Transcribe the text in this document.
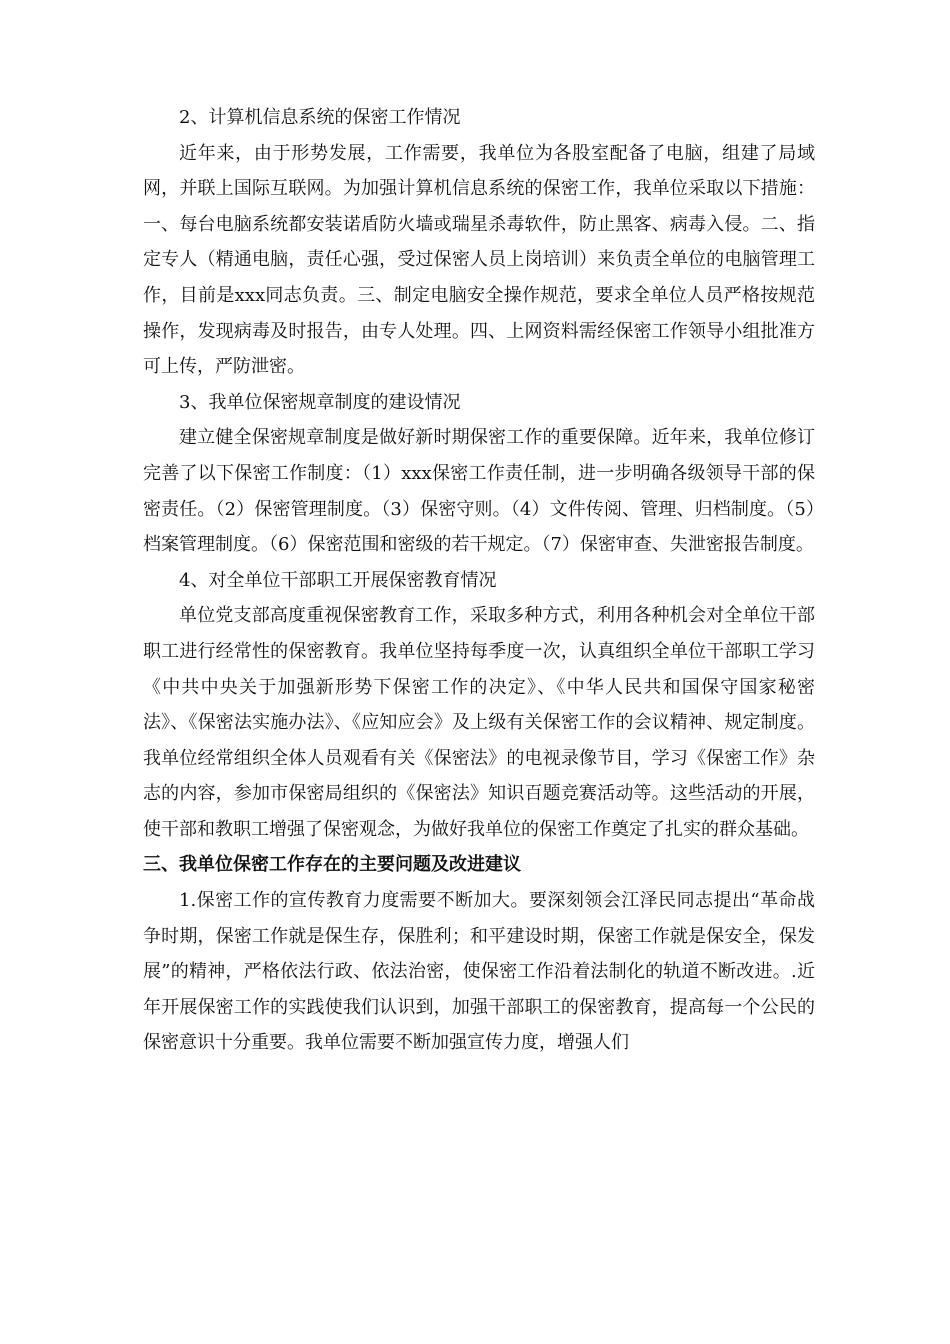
2、计算机信息系统的保密工作情况

近年来，由于形势发展，工作需要，我单位为各股室配备了电脑，组建了局域网，并联上国际互联网。为加强计算机信息系统的保密工作，我单位采取以下措施：一、每台电脑系统都安装诺盾防火墙或瑞星杀毒软件，防止黑客、病毒入侵。二、指定专人（精通电脑，责任心强，受过保密人员上岗培训）来负责全单位的电脑管理工作，目前是xxx同志负责。三、制定电脑安全操作规范，要求全单位人员严格按规范操作，发现病毒及时报告，由专人处理。四、上网资料需经保密工作领导小组批准方可上传，严防泄密。

3、我单位保密规章制度的建设情况

建立健全保密规章制度是做好新时期保密工作的重要保障。近年来，我单位修订完善了以下保密工作制度：（1）xxx保密工作责任制，进一步明确各级领导干部的保密责任。（2）保密管理制度。（3）保密守则。（4）文件传阅、管理、归档制度。（5）档案管理制度。（6）保密范围和密级的若干规定。（7）保密审查、失泄密报告制度。

4、对全单位干部职工开展保密教育情况

单位党支部高度重视保密教育工作，采取多种方式，利用各种机会对全单位干部职工进行经常性的保密教育。我单位坚持每季度一次，认真组织全单位干部职工学习《中共中央关于加强新形势下保密工作的决定》、《中华人民共和国保守国家秘密法》、《保密法实施办法》、《应知应会》及上级有关保密工作的会议精神、规定制度。我单位经常组织全体人员观看有关《保密法》的电视录像节目，学习《保密工作》杂志的内容，参加市保密局组织的《保密法》知识百题竞赛活动等。这些活动的开展，使干部和教职工增强了保密观念，为做好我单位的保密工作奠定了扎实的群众基础。

三、我单位保密工作存在的主要问题及改进建议

1.保密工作的宣传教育力度需要不断加大。要深刻领会江泽民同志提出“革命战争时期，保密工作就是保生存，保胜利；和平建设时期，保密工作就是保安全，保发展”的精神，严格依法行政、依法治密，使保密工作沿着法制化的轨道不断改进。.近年开展保密工作的实践使我们认识到，加强干部职工的保密教育，提高每一个公民的保密意识十分重要。我单位需要不断加强宣传力度，增强人们
